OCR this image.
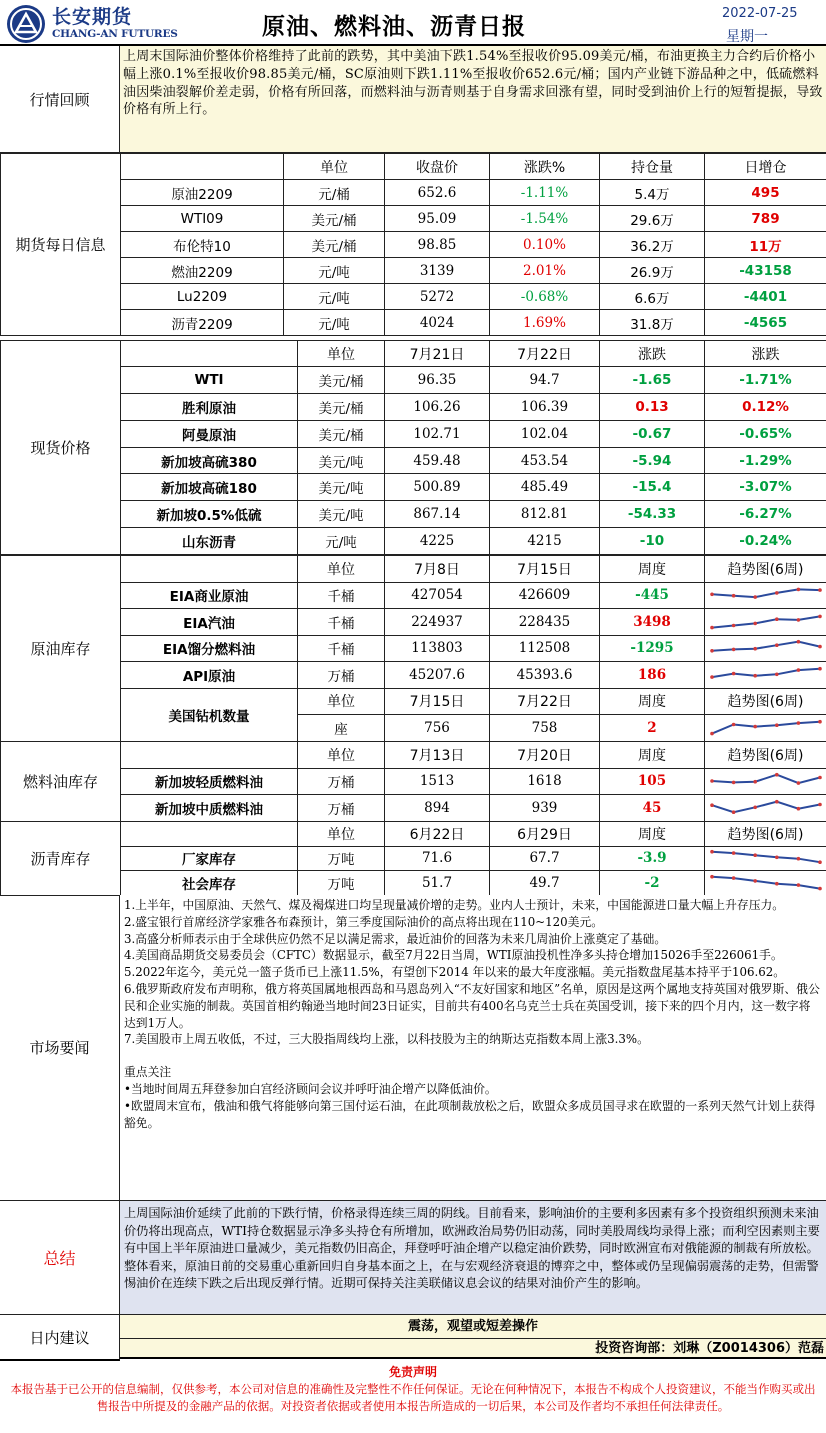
长安期货
CHANG-AN FUTURES	原油、燃料油、沥青日报
2022-07-25
星期一
行情回顾
上周末国际油价整体价格维持了此前的跌势，其中美油下跌1.54%至报收价95.09美元/桶，布油更换主力合约后价格小幅上涨0.1%至报收价98.85美元/桶，SC原油则下跌1.11%至报收价652.6元/桶；国内产业链下游品种之中，低硫燃料油因柴油裂解价差走弱，价格有所回落，而燃料油与沥青则基于自身需求回涨有望，同时受到油价上行的短暂提振，导致价格有所上行。
期货每日信息		单位	收盘价	涨跌%	持仓量	日增仓
	原油2209	元/桶	652.6	-1.11%	5.4万	495
	WTI09	美元/桶	95.09	-1.54%	29.6万	789
	布伦特10	美元/桶	98.85	0.10%	36.2万	11万
	燃油2209	元/吨	3139	2.01%	26.9万	-43158
	Lu2209	元/吨	5272	-0.68%	6.6万	-4401
	沥青2209	元/吨	4024	1.69%	31.8万	-4565
现货价格		单位	7月21日	7月22日	涨跌	涨跌
	WTI	美元/桶	96.35	94.7	-1.65	-1.71%
	胜利原油	美元/桶	106.26	106.39	0.13	0.12%
	阿曼原油	美元/桶	102.71	102.04	-0.67	-0.65%
	新加坡高硫380	美元/吨	459.48	453.54	-5.94	-1.29%
	新加坡高硫180	美元/吨	500.89	485.49	-15.4	-3.07%
	新加坡0.5%低硫	美元/吨	867.14	812.81	-54.33	-6.27%
	山东沥青	元/吨	4225	4215	-10	-0.24%
原油库存		单位	7月8日	7月15日	周度	趋势图(6周)
	EIA商业原油	千桶	427054	426609	-445	

	EIA汽油	千桶	224937	228435	3498	

	EIA馏分燃料油	千桶	113803	112508	-1295	

	API原油	万桶	45207.6	45393.6	186	

	美国钻机数量	单位	7月15日	7月22日	周度	趋势图(6周)
		座	756	758	2	
燃料油库存		单位	7月13日	7月20日	周度	趋势图(6周)
	新加坡轻质燃料油	万桶	1513	1618	105	

	新加坡中质燃料油	万桶	894	939	45	
沥青库存		单位	6月22日	6月29日	周度	趋势图(6周)
	厂家库存	万吨	71.6	67.7	-3.9	

	社会库存	万吨	51.7	49.7	-2	
市场要闻
1.上半年，中国原油、天然气、煤及褐煤进口均呈现量减价增的走势。业内人士预计，未来，中国能源进口量大幅上升存压力。
2.盛宝银行首席经济学家雅各布森预计，第三季度国际油价的高点将出现在110~120美元。
3.高盛分析师表示由于全球供应仍然不足以满足需求，最近油价的回落为未来几周油价上涨奠定了基础。
4.美国商品期货交易委员会（CFTC）数据显示，截至7月22日当周，WTI原油投机性净多头持仓增加15026手至226061手。
5.2022年迄今，美元兑一篮子货币已上涨11.5%，有望创下2014 年以来的最大年度涨幅。美元指数盘尾基本持平于106.62。
6.俄罗斯政府发布声明称，俄方将英国属地根西岛和马恩岛列入“不友好国家和地区”名单，原因是这两个属地支持英国对俄罗斯、俄公民和企业实施的制裁。英国首相约翰逊当地时间23日证实，目前共有400名乌克兰士兵在英国受训，接下来的四个月内，这一数字将达到1万人。
7.美国股市上周五收低，不过，三大股指周线均上涨，以科技股为主的纳斯达克指数本周上涨3.3%。
重点关注
•当地时间周五拜登参加白宫经济顾问会议并呼吁油企增产以降低油价。
•欧盟周末宣布，俄油和俄气将能够向第三国付运石油，在此项制裁放松之后，欧盟众多成员国寻求在欧盟的一系列天然气计划上获得豁免。
总结
上周国际油价延续了此前的下跌行情，价格录得连续三周的阴线。目前看来，影响油价的主要利多因素有多个投资组织预测未来油价仍将出现高点，WTI持仓数据显示净多头持仓有所增加，欧洲政治局势仍旧动荡，同时美股周线均录得上涨；而利空因素则主要有中国上半年原油进口量减少，美元指数仍旧高企，拜登呼吁油企增产以稳定油价跌势，同时欧洲宣布对俄能源的制裁有所放松。整体看来，原油日前的交易重心重新回归自身基本面之上，在与宏观经济衰退的博弈之中，整体或仍呈现偏弱震荡的走势，但需警惕油价在连续下跌之后出现反弹行情。近期可保持关注美联储议息会议的结果对油价产生的影响。
日内建议
震荡，观望或短差操作
投资咨询部：刘琳（Z0014306）范磊
免责声明
本报告基于已公开的信息编制，仅供参考，本公司对信息的准确性及完整性不作任何保证。无论在何种情况下，本报告不构成个人投资建议，不能当作购买或出售报告中所提及的金融产品的依据。对投资者依据或者使用本报告所造成的一切后果，本公司及作者均不承担任何法律责任。
